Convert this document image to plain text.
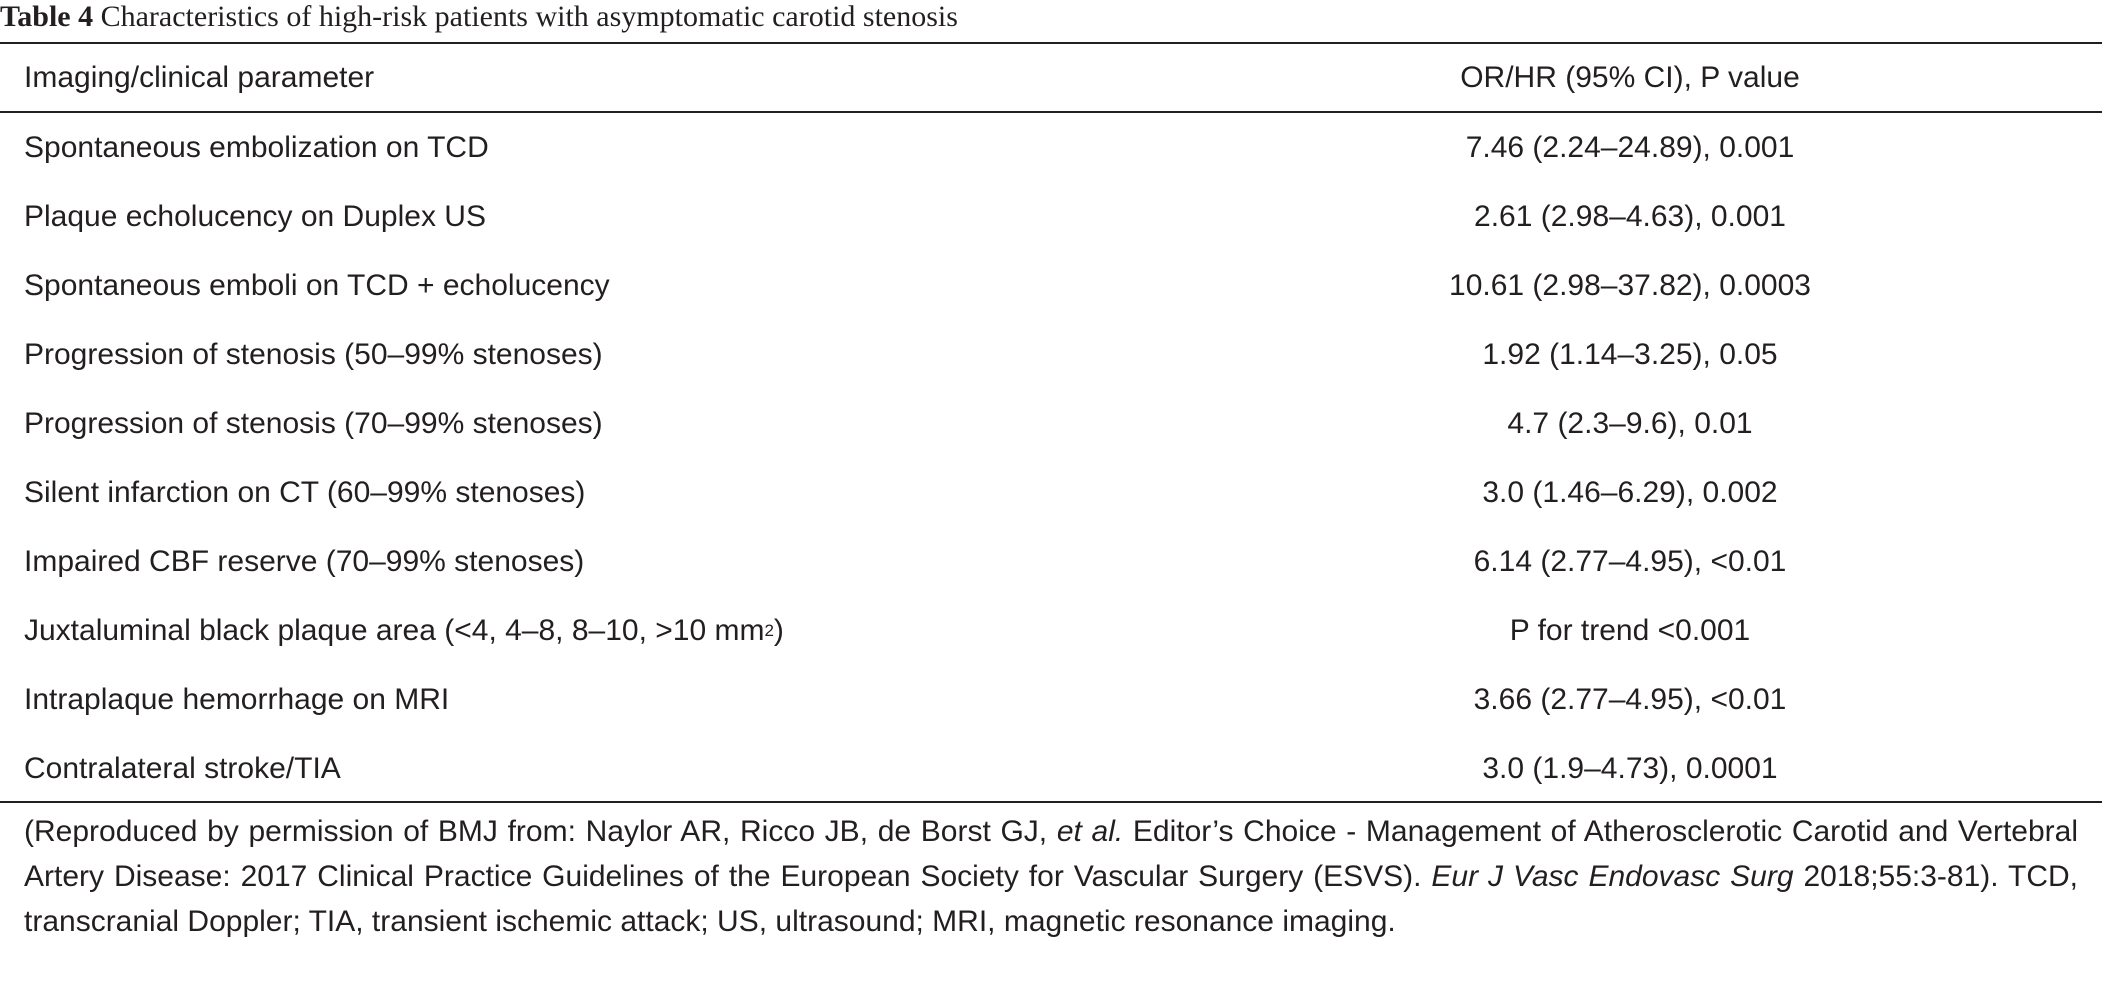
Table 4 Characteristics of high-risk patients with asymptomatic carotid stenosis
Imaging/clinical parameter	OR/HR (95% CI), P value
Spontaneous embolization on TCD	7.46 (2.24–24.89), 0.001
Plaque echolucency on Duplex US	2.61 (2.98–4.63), 0.001
Spontaneous emboli on TCD + echolucency	10.61 (2.98–37.82), 0.0003
Progression of stenosis (50–99% stenoses)	1.92 (1.14–3.25), 0.05
Progression of stenosis (70–99% stenoses)	4.7 (2.3–9.6), 0.01
Silent infarction on CT (60–99% stenoses)	3.0 (1.46–6.29), 0.002
Impaired CBF reserve (70–99% stenoses)	6.14 (2.77–4.95), <0.01
Juxtaluminal black plaque area (<4, 4–8, 8–10, >10 mm 2 )	P for trend <0.001
Intraplaque hemorrhage on MRI	3.66 (2.77–4.95), <0.01
Contralateral stroke/TIA	3.0 (1.9–4.73), 0.0001
(Reproduced by permission of BMJ from: Naylor AR, Ricco JB, de Borst GJ, et al. Editor’s Choice - Management of Atherosclerotic Carotid and Vertebral Artery Disease: 2017 Clinical Practice Guidelines of the European Society for Vascular Surgery (ESVS). Eur J Vasc Endovasc Surg 2018;55:3-81). TCD, transcranial Doppler; TIA, transient ischemic attack; US, ultrasound; MRI, magnetic resonance imaging.
